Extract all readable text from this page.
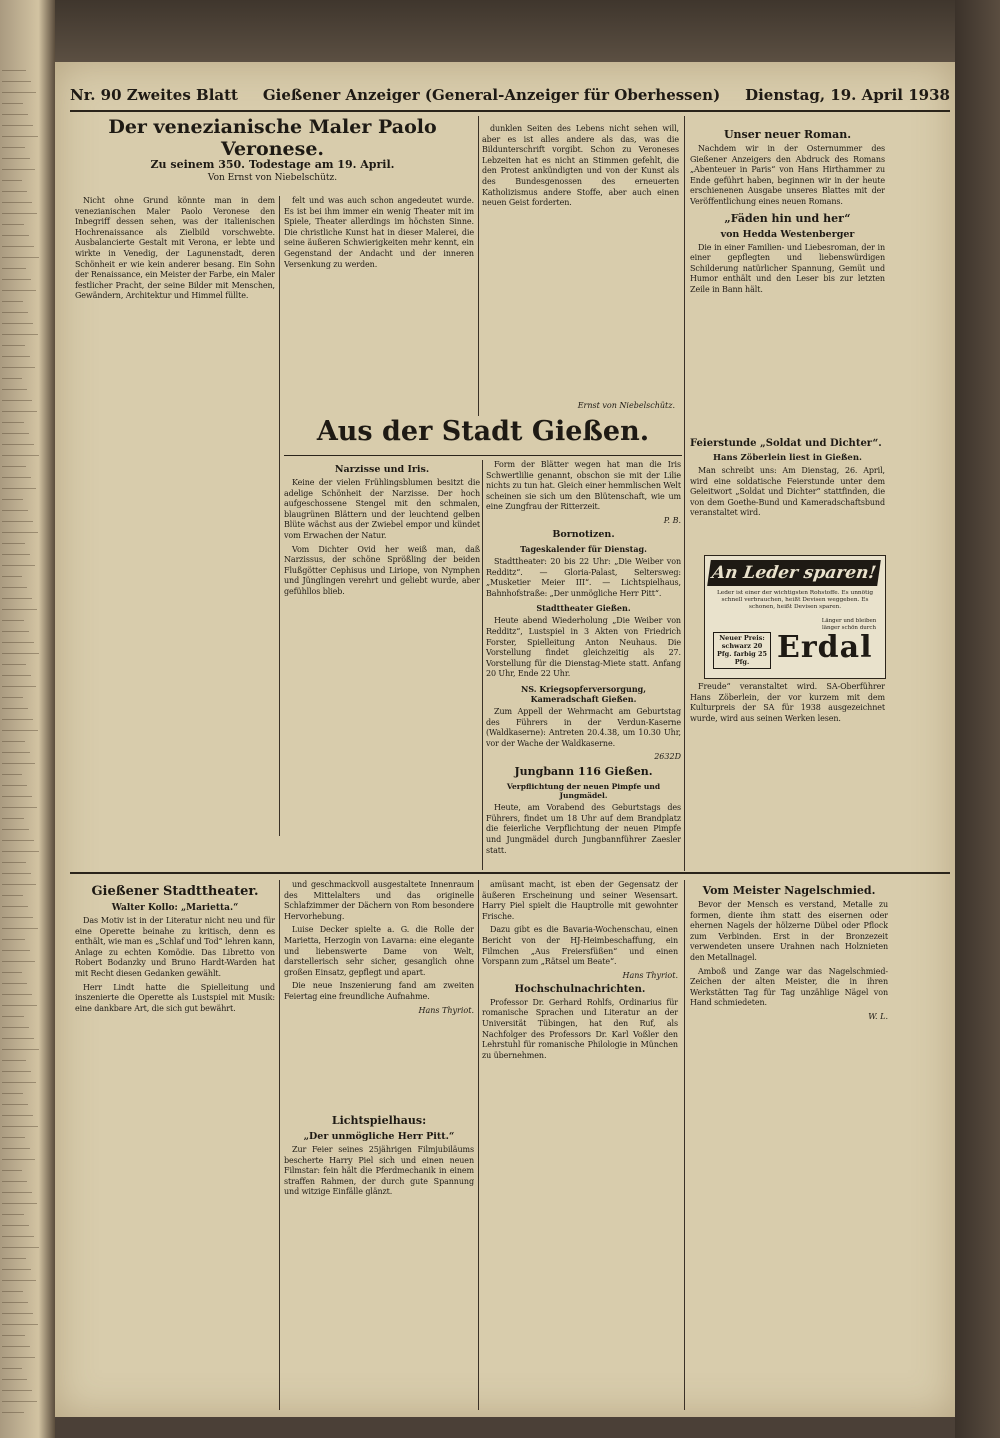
Nr. 90 Zweites Blatt Gießener Anzeiger (General-Anzeiger für Oberhessen) Dienstag, 19. April 1938
Der venezianische Maler Paolo Veronese.
Zu seinem 350. Todestage am 19. April.
Von Ernst von Niebelschütz.

Nicht ohne Grund könnte man in dem venezianischen Maler Paolo Veronese den Inbegriff dessen sehen, was der italienischen Hochrenaissance als Zielbild vorschwebte. Ausbalancierte Gestalt mit Verona, er lebte und wirkte in Venedig, der Lagunenstadt, deren Schönheit er wie kein anderer besang. Ein Sohn der Renaissance, ein Meister der Farbe, ein Maler festlicher Pracht, der seine Bilder mit Menschen, Gewändern, Architektur und Himmel füllte.

felt und was auch schon angedeutet wurde. Es ist bei ihm immer ein wenig Theater mit im Spiele, Theater allerdings im höchsten Sinne. Die christliche Kunst hat in dieser Malerei, die seine äußeren Schwierigkeiten mehr kennt, ein Gegenstand der Andacht und der inneren Versenkung zu werden.

dunklen Seiten des Lebens nicht sehen will, aber es ist alles andere als das, was die Bildunterschrift vorgibt. Schon zu Veroneses Lebzeiten hat es nicht an Stimmen gefehlt, die den Protest ankündigten und von der Kunst als des Bundesgenossen des erneuerten Katholizismus andere Stoffe, aber auch einen neuen Geist forderten.

Ernst von Niebelschütz.
Unser neuer Roman.

Nachdem wir in der Osternummer des Gießener Anzeigers den Abdruck des Romans „Abenteuer in Paris“ von Hans Hirthammer zu Ende geführt haben, beginnen wir in der heute erschienenen Ausgabe unseres Blattes mit der Veröffentlichung eines neuen Romans.

„Fäden hin und her“
von Hedda Westenberger

Die in einer Familien- und Liebesroman, der in einer gepflegten und liebenswürdigen Schilderung natürlicher Spannung, Gemüt und Humor enthält und den Leser bis zur letzten Zeile in Bann hält.

Feierstunde „Soldat und Dichter“.
Hans Zöberlein liest in Gießen.

Man schreibt uns: Am Dienstag, 26. April, wird eine soldatische Feierstunde unter dem Geleitwort „Soldat und Dichter“ stattfinden, die von dem Goethe-Bund und Kameradschaftsbund veranstaltet wird.

An Leder sparen!
Leder ist einer der wichtigsten Rohstoffe. Es unnötig schnell verbrauchen, heißt Devisen weggeben. Es schonen, heißt Devisen sparen.
Neuer Preis: schwarz 20 Pfg. farbig 25 Pfg.
Länger und bleiben länger schön durch
Erdal

Freude“ veranstaltet wird. SA-Oberführer Hans Zöberlein, der vor kurzem mit dem Kulturpreis der SA für 1938 ausgezeichnet wurde, wird aus seinen Werken lesen.

Aus der Stadt Gießen.
Narzisse und Iris.

Keine der vielen Frühlingsblumen besitzt die adelige Schönheit der Narzisse. Der hoch aufgeschossene Stengel mit den schmalen, blaugrünen Blättern und der leuchtend gelben Blüte wächst aus der Zwiebel empor und kündet vom Erwachen der Natur.

Vom Dichter Ovid her weiß man, daß Narzissus, der schöne Sprößling der beiden Flußgötter Cephisus und Liriope, von Nymphen und Jünglingen verehrt und geliebt wurde, aber gefühllos blieb.

Form der Blätter wegen hat man die Iris Schwertlilie genannt, obschon sie mit der Lilie nichts zu tun hat. Gleich einer hemmlischen Welt scheinen sie sich um den Blütenschaft, wie um eine Zungfrau der Ritterzeit.

P. B.
Bornotizen.
Tageskalender für Dienstag.

Stadttheater: 20 bis 22 Uhr: „Die Weiber von Redditz“. — Gloria-Palast, Seltersweg: „Musketier Meier III“. — Lichtspielhaus, Bahnhofstraße: „Der unmögliche Herr Pitt“.

Stadttheater Gießen.

Heute abend Wiederholung „Die Weiber von Redditz“, Lustspiel in 3 Akten von Friedrich Forster, Spielleitung Anton Neuhaus. Die Vorstellung findet gleichzeitig als 27. Vorstellung für die Dienstag-Miete statt. Anfang 20 Uhr, Ende 22 Uhr.

NS. Kriegsopferversorgung, Kameradschaft Gießen.

Zum Appell der Wehrmacht am Geburtstag des Führers in der Verdun-Kaserne (Waldkaserne): Antreten 20.4.38, um 10.30 Uhr, vor der Wache der Waldkaserne.

2632D
Jungbann 116 Gießen.
Verpflichtung der neuen Pimpfe und Jungmädel.

Heute, am Vorabend des Geburtstags des Führers, findet um 18 Uhr auf dem Brandplatz die feierliche Verpflichtung der neuen Pimpfe und Jungmädel durch Jungbannführer Zaesler statt.

Gießener Stadttheater.
Walter Kollo: „Marietta.“

Das Motiv ist in der Literatur nicht neu und für eine Operette beinahe zu kritisch, denn es enthält, wie man es „Schlaf und Tod“ lehren kann, Anlage zu echten Komödie. Das Libretto von Robert Bodanzky und Bruno Hardt-Warden hat mit Recht diesen Gedanken gewählt.

Herr Lindt hatte die Spielleitung und inszenierte die Operette als Lustspiel mit Musik: eine dankbare Art, die sich gut bewährt.

und geschmackvoll ausgestaltete Innenraum des Mittelalters und das originelle Schlafzimmer der Dächern von Rom besondere Hervorhebung.

Luise Decker spielte a. G. die Rolle der Marietta, Herzogin von Lavarna: eine elegante und liebenswerte Dame von Welt, darstellerisch sehr sicher, gesanglich ohne großen Einsatz, gepflegt und apart.

Die neue Inszenierung fand am zweiten Feiertag eine freundliche Aufnahme.

Hans Thyriot.
Lichtspielhaus:
„Der unmögliche Herr Pitt.“

Zur Feier seines 25jährigen Filmjubiläums bescherte Harry Piel sich und einen neuen Filmstar: fein hält die Pferdmechanik in einem straffen Rahmen, der durch gute Spannung und witzige Einfälle glänzt.

amüsant macht, ist eben der Gegensatz der äußeren Erscheinung und seiner Wesensart. Harry Piel spielt die Hauptrolle mit gewohnter Frische.

Dazu gibt es die Bavaria-Wochenschau, einen Bericht von der HJ-Heimbeschaffung, ein Filmchen „Aus Freiersfüßen“ und einen Vorspann zum „Rätsel um Beate“.

Hans Thyriot.
Hochschulnachrichten.

Professor Dr. Gerhard Rohlfs, Ordinarius für romanische Sprachen und Literatur an der Universität Tübingen, hat den Ruf, als Nachfolger des Professors Dr. Karl Voßler den Lehrstuhl für romanische Philologie in München zu übernehmen.

Vom Meister Nagelschmied.

Bevor der Mensch es verstand, Metalle zu formen, diente ihm statt des eisernen oder ehernen Nagels der hölzerne Dübel oder Pflock zum Verbinden. Erst in der Bronzezeit verwendeten unsere Urahnen nach Holznieten den Metallnagel.

Amboß und Zange war das Nagelschmied-Zeichen der alten Meister, die in ihren Werkstätten Tag für Tag unzählige Nägel von Hand schmiedeten.

W. L.
